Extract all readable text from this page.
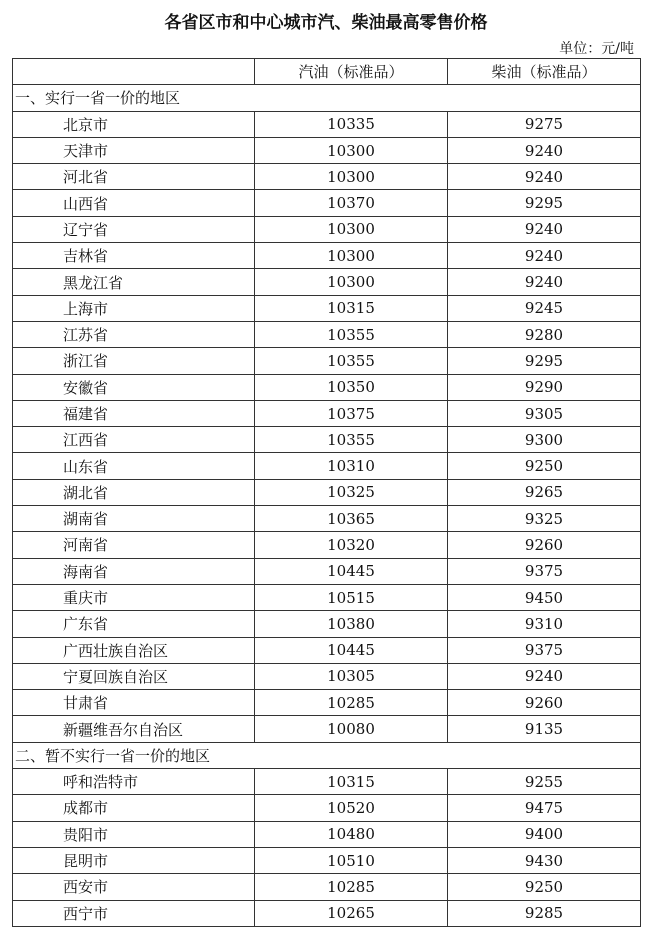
各省区市和中心城市汽、柴油最高零售价格
单位：元/吨
	汽油（标准品）	柴油（标准品）
一、实行一省一价的地区		
北京市	10335	9275
天津市	10300	9240
河北省	10300	9240
山西省	10370	9295
辽宁省	10300	9240
吉林省	10300	9240
黑龙江省	10300	9240
上海市	10315	9245
江苏省	10355	9280
浙江省	10355	9295
安徽省	10350	9290
福建省	10375	9305
江西省	10355	9300
山东省	10310	9250
湖北省	10325	9265
湖南省	10365	9325
河南省	10320	9260
海南省	10445	9375
重庆市	10515	9450
广东省	10380	9310
广西壮族自治区	10445	9375
宁夏回族自治区	10305	9240
甘肃省	10285	9260
新疆维吾尔自治区	10080	9135
二、暂不实行一省一价的地区		
呼和浩特市	10315	9255
成都市	10520	9475
贵阳市	10480	9400
昆明市	10510	9430
西安市	10285	9250
西宁市	10265	9285
